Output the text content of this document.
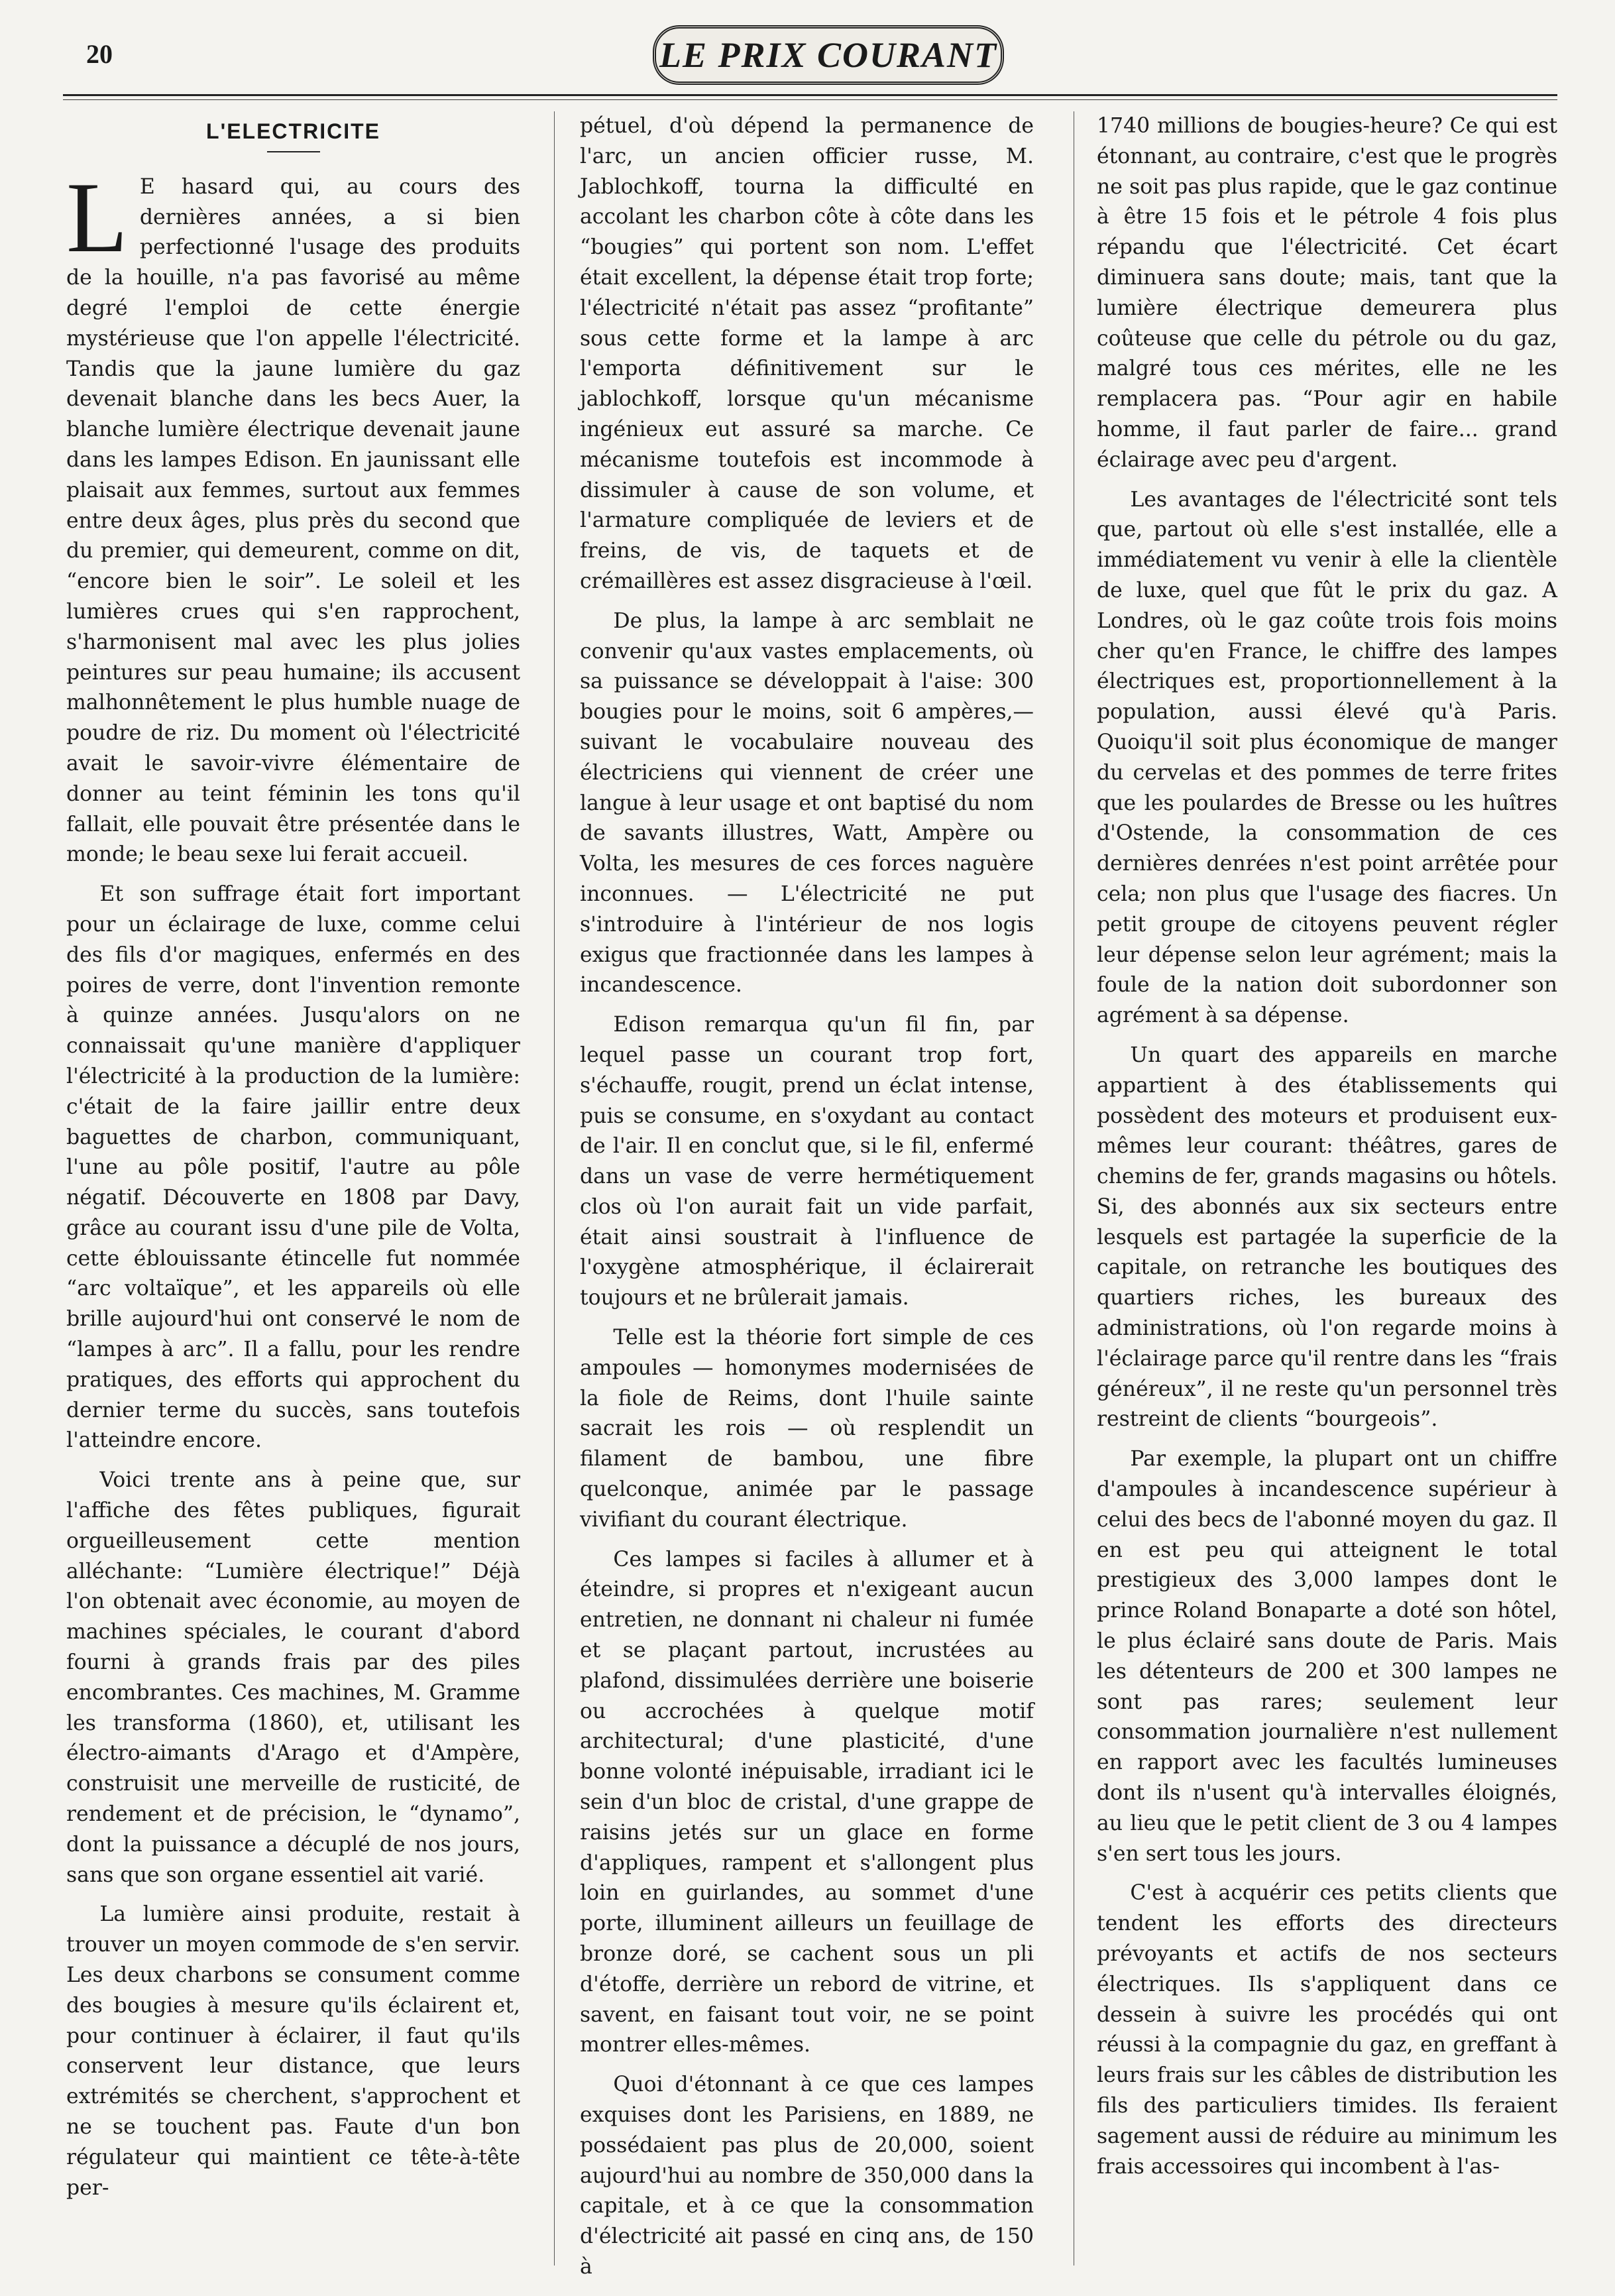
20	LE PRIX COURANT
L'ELECTRICITE

L E hasard qui, au cours des dernières années, a si bien perfectionné l'usage des produits de la houille, n'a pas favorisé au même degré l'emploi de cette énergie mystérieuse que l'on appelle l'électricité. Tandis que la jaune lumière du gaz devenait blanche dans les becs Auer, la blanche lumière électrique devenait jaune dans les lampes Edison. En jaunissant elle plaisait aux femmes, surtout aux femmes entre deux âges, plus près du second que du premier, qui demeurent, comme on dit, “encore bien le soir”. Le soleil et les lumières crues qui s'en rapprochent, s'harmonisent mal avec les plus jolies peintures sur peau humaine; ils accusent malhonnêtement le plus humble nuage de poudre de riz. Du moment où l'électricité avait le savoir-vivre élémentaire de donner au teint féminin les tons qu'il fallait, elle pouvait être présentée dans le monde; le beau sexe lui ferait accueil.

Et son suffrage était fort important pour un éclairage de luxe, comme celui des fils d'or magiques, enfermés en des poires de verre, dont l'invention remonte à quinze années. Jusqu'alors on ne connaissait qu'une manière d'appliquer l'électricité à la production de la lumière: c'était de la faire jaillir entre deux baguettes de charbon, communiquant, l'une au pôle positif, l'autre au pôle négatif. Découverte en 1808 par Davy, grâce au courant issu d'une pile de Volta, cette éblouissante étincelle fut nommée “arc voltaïque”, et les appareils où elle brille aujourd'hui ont conservé le nom de “lampes à arc”. Il a fallu, pour les rendre pratiques, des efforts qui approchent du dernier terme du succès, sans toutefois l'atteindre encore.

Voici trente ans à peine que, sur l'affiche des fêtes publiques, figurait orgueilleusement cette mention alléchante: “Lumière électrique!” Déjà l'on obtenait avec économie, au moyen de machines spéciales, le courant d'abord fourni à grands frais par des piles encombrantes. Ces machines, M. Gramme les transforma (1860), et, utilisant les électro-aimants d'Arago et d'Ampère, construisit une merveille de rusticité, de rendement et de précision, le “dynamo”, dont la puissance a décuplé de nos jours, sans que son organe essentiel ait varié.

La lumière ainsi produite, restait à trouver un moyen commode de s'en servir. Les deux charbons se consument comme des bougies à mesure qu'ils éclairent et, pour continuer à éclairer, il faut qu'ils conservent leur distance, que leurs extrémités se cherchent, s'approchent et ne se touchent pas. Faute d'un bon régulateur qui maintient ce tête-à-tête per-

pétuel, d'où dépend la permanence de l'arc, un ancien officier russe, M. Jablochkoff, tourna la difficulté en accolant les charbon côte à côte dans les “bougies” qui portent son nom. L'effet était excellent, la dépense était trop forte; l'électricité n'était pas assez “profitante” sous cette forme et la lampe à arc l'emporta définitivement sur le jablochkoff, lorsque qu'un mécanisme ingénieux eut assuré sa marche. Ce mécanisme toutefois est incommode à dissimuler à cause de son volume, et l'armature compliquée de leviers et de freins, de vis, de taquets et de crémaillères est assez disgracieuse à l'œil.

De plus, la lampe à arc semblait ne convenir qu'aux vastes emplacements, où sa puissance se développait à l'aise: 300 bougies pour le moins, soit 6 ampères,— suivant le vocabulaire nouveau des électriciens qui viennent de créer une langue à leur usage et ont baptisé du nom de savants illustres, Watt, Ampère ou Volta, les mesures de ces forces naguère inconnues. — L'électricité ne put s'introduire à l'intérieur de nos logis exigus que fractionnée dans les lampes à incandescence.

Edison remarqua qu'un fil fin, par lequel passe un courant trop fort, s'échauffe, rougit, prend un éclat intense, puis se consume, en s'oxydant au contact de l'air. Il en conclut que, si le fil, enfermé dans un vase de verre hermétiquement clos où l'on aurait fait un vide parfait, était ainsi soustrait à l'influence de l'oxygène atmosphérique, il éclairerait toujours et ne brûlerait jamais.

Telle est la théorie fort simple de ces ampoules — homonymes modernisées de la fiole de Reims, dont l'huile sainte sacrait les rois — où resplendit un filament de bambou, une fibre quelconque, animée par le passage vivifiant du courant électrique.

Ces lampes si faciles à allumer et à éteindre, si propres et n'exigeant aucun entretien, ne donnant ni chaleur ni fumée et se plaçant partout, incrustées au plafond, dissimulées derrière une boiserie ou accrochées à quelque motif architectural; d'une plasticité, d'une bonne volonté inépuisable, irradiant ici le sein d'un bloc de cristal, d'une grappe de raisins jetés sur un glace en forme d'appliques, rampent et s'allongent plus loin en guirlandes, au sommet d'une porte, illuminent ailleurs un feuillage de bronze doré, se cachent sous un pli d'étoffe, derrière un rebord de vitrine, et savent, en faisant tout voir, ne se point montrer elles-mêmes.

Quoi d'étonnant à ce que ces lampes exquises dont les Parisiens, en 1889, ne possédaient pas plus de 20,000, soient aujourd'hui au nombre de 350,000 dans la capitale, et à ce que la consommation d'électricité ait passé en cinq ans, de 150 à

1740 millions de bougies-heure? Ce qui est étonnant, au contraire, c'est que le progrès ne soit pas plus rapide, que le gaz continue à être 15 fois et le pétrole 4 fois plus répandu que l'électricité. Cet écart diminuera sans doute; mais, tant que la lumière électrique demeurera plus coûteuse que celle du pétrole ou du gaz, malgré tous ces mérites, elle ne les remplacera pas. “Pour agir en habile homme, il faut parler de faire... grand éclairage avec peu d'argent.

Les avantages de l'électricité sont tels que, partout où elle s'est installée, elle a immédiatement vu venir à elle la clientèle de luxe, quel que fût le prix du gaz. A Londres, où le gaz coûte trois fois moins cher qu'en France, le chiffre des lampes électriques est, proportionnellement à la population, aussi élevé qu'à Paris. Quoiqu'il soit plus économique de manger du cervelas et des pommes de terre frites que les poulardes de Bresse ou les huîtres d'Ostende, la consommation de ces dernières denrées n'est point arrêtée pour cela; non plus que l'usage des fiacres. Un petit groupe de citoyens peuvent régler leur dépense selon leur agrément; mais la foule de la nation doit subordonner son agrément à sa dépense.

Un quart des appareils en marche appartient à des établissements qui possèdent des moteurs et produisent eux-mêmes leur courant: théâtres, gares de chemins de fer, grands magasins ou hôtels. Si, des abonnés aux six secteurs entre lesquels est partagée la superficie de la capitale, on retranche les boutiques des quartiers riches, les bureaux des administrations, où l'on regarde moins à l'éclairage parce qu'il rentre dans les “frais généreux”, il ne reste qu'un personnel très restreint de clients “bourgeois”.

Par exemple, la plupart ont un chiffre d'ampoules à incandescence supérieur à celui des becs de l'abonné moyen du gaz. Il en est peu qui atteignent le total prestigieux des 3,000 lampes dont le prince Roland Bonaparte a doté son hôtel, le plus éclairé sans doute de Paris. Mais les détenteurs de 200 et 300 lampes ne sont pas rares; seulement leur consommation journalière n'est nullement en rapport avec les facultés lumineuses dont ils n'usent qu'à intervalles éloignés, au lieu que le petit client de 3 ou 4 lampes s'en sert tous les jours.

C'est à acquérir ces petits clients que tendent les efforts des directeurs prévoyants et actifs de nos secteurs électriques. Ils s'appliquent dans ce dessein à suivre les procédés qui ont réussi à la compagnie du gaz, en greffant à leurs frais sur les câbles de distribution les fils des particuliers timides. Ils feraient sagement aussi de réduire au minimum les frais accessoires qui incombent à l'as-
